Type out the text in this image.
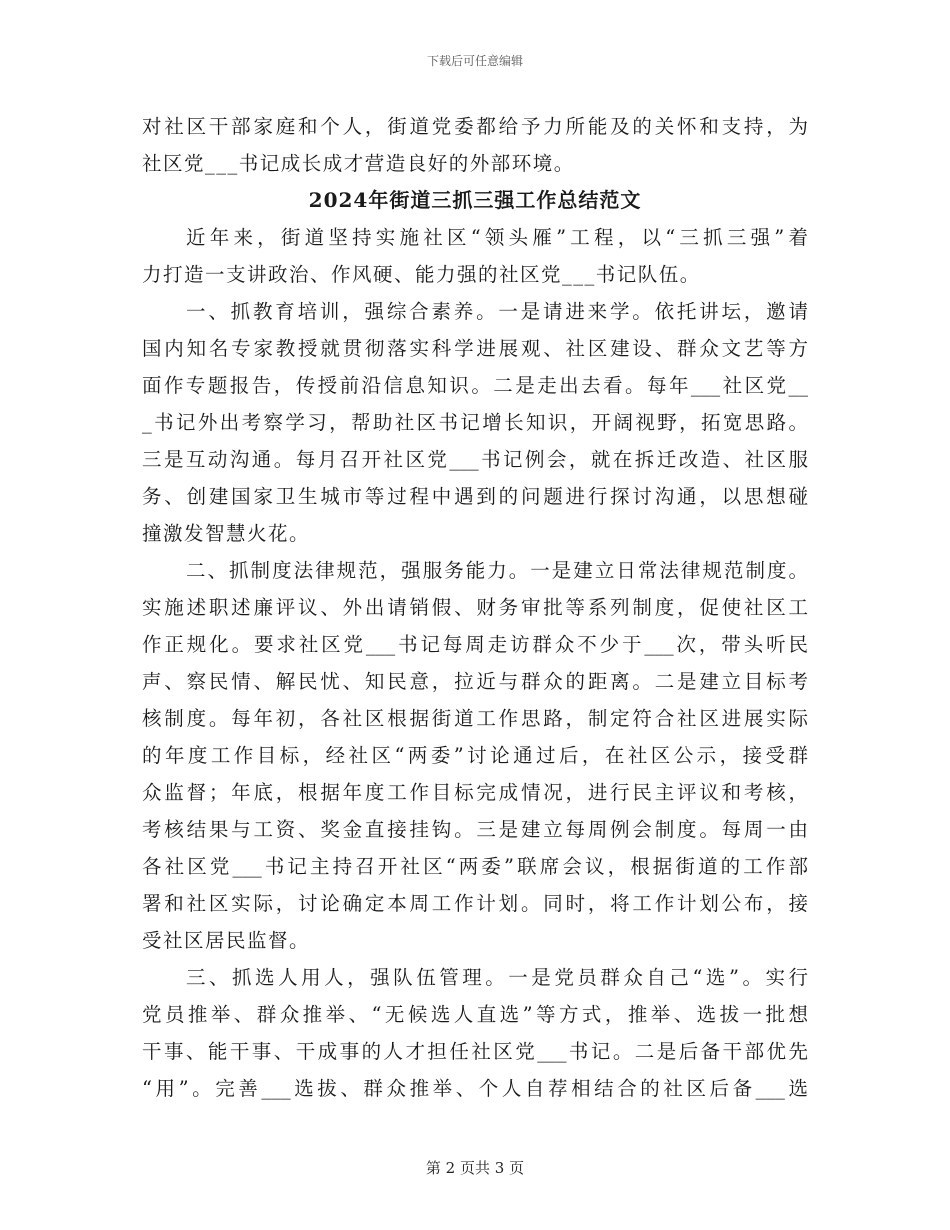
下载后可任意编辑
对社区干部家庭和个人，街道党委都给予力所能及的关怀和支持，为
社区党___书记成长成才营造良好的外部环境。
2024年街道三抓三强工作总结范文
近年来，街道坚持实施社区“领头雁”工程，以“三抓三强”着
力打造一支讲政治、作风硬、能力强的社区党___书记队伍。
一、抓教育培训，强综合素养。一是请进来学。依托讲坛，邀请
国内知名专家教授就贯彻落实科学进展观、社区建设、群众文艺等方
面作专题报告，传授前沿信息知识。二是走出去看。每年___社区党__
_书记外出考察学习，帮助社区书记增长知识，开阔视野，拓宽思路。
三是互动沟通。每月召开社区党___书记例会，就在拆迁改造、社区服
务、创建国家卫生城市等过程中遇到的问题进行探讨沟通，以思想碰
撞激发智慧火花。
二、抓制度法律规范，强服务能力。一是建立日常法律规范制度。
实施述职述廉评议、外出请销假、财务审批等系列制度，促使社区工
作正规化。要求社区党___书记每周走访群众不少于___次，带头听民
声、察民情、解民忧、知民意，拉近与群众的距离。二是建立目标考
核制度。每年初，各社区根据街道工作思路，制定符合社区进展实际
的年度工作目标，经社区“两委”讨论通过后，在社区公示，接受群
众监督；年底，根据年度工作目标完成情况，进行民主评议和考核，
考核结果与工资、奖金直接挂钩。三是建立每周例会制度。每周一由
各社区党___书记主持召开社区“两委”联席会议，根据街道的工作部
署和社区实际，讨论确定本周工作计划。同时，将工作计划公布，接
受社区居民监督。
三、抓选人用人，强队伍管理。一是党员群众自己“选”。实行
党员推举、群众推举、“无候选人直选”等方式，推举、选拔一批想
干事、能干事、干成事的人才担任社区党___书记。二是后备干部优先
“用”。完善___选拔、群众推举、个人自荐相结合的社区后备___选
第 2 页共 3 页
